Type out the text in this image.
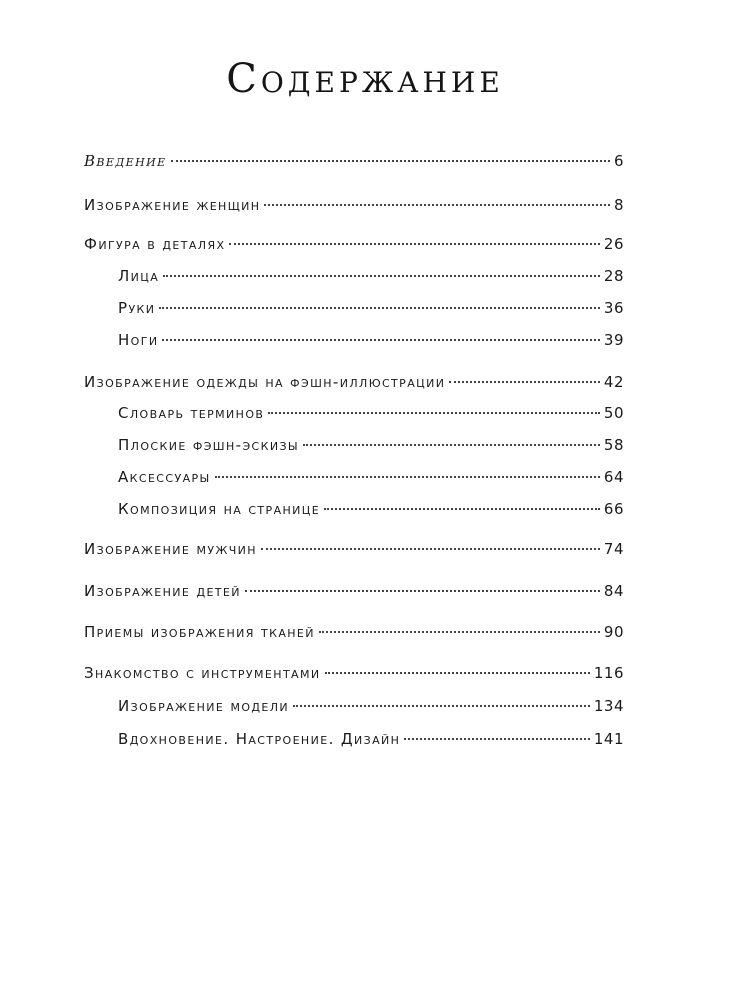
Содержание
Введение	6
Изображение женщин	8
Фигура в деталях	26
Лица	28
Руки	36
Ноги	39
Изображение одежды на фэшн-иллюстрации	42
Словарь терминов	50
Плоские фэшн-эскизы	58
Аксессуары	64
Композиция на странице	66
Изображение мужчин	74
Изображение детей	84
Приемы изображения тканей	90
Знакомство с инструментами	116
Изображение модели	134
Вдохновение. Настроение. Дизайн	141
